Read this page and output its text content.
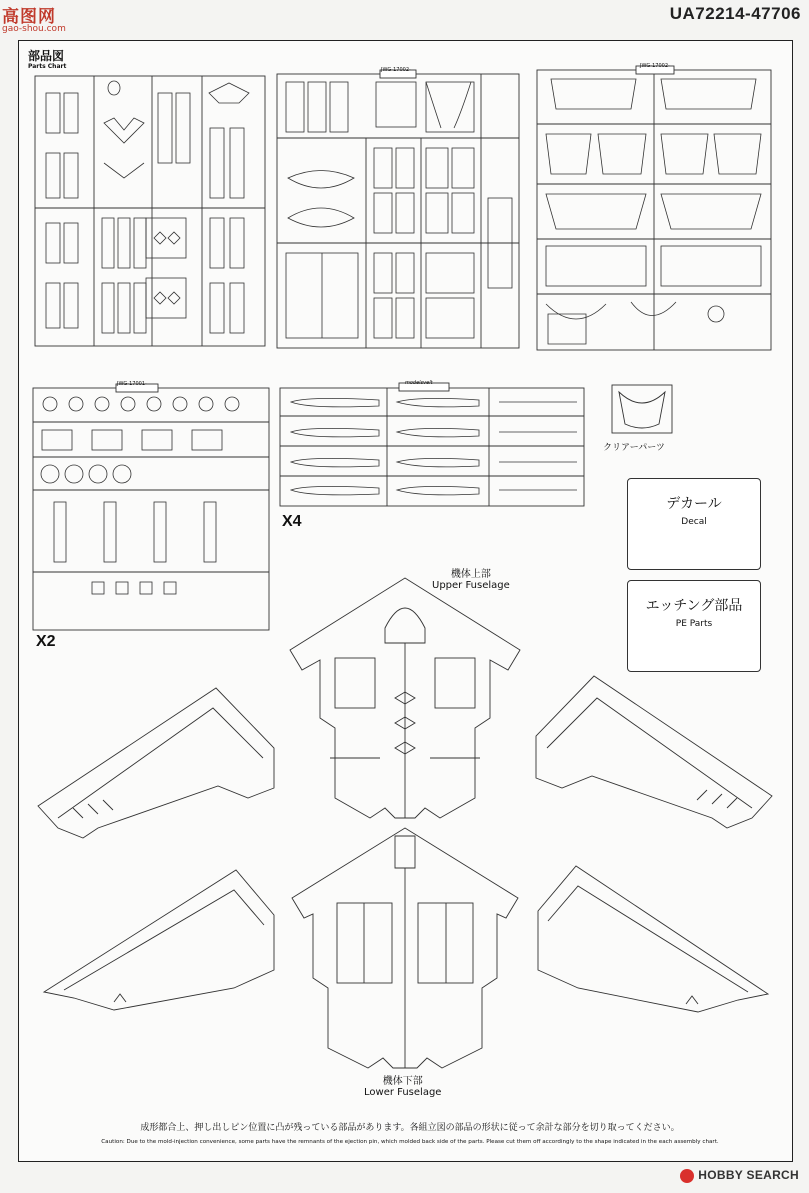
高图网
gao-shou.com
UA72214-47706
部品図
Parts Chart	JWG-17002-
JWG-17002-
JWG-17001-
X2
modelsvelt
X4
クリアーパーツ
デカール
Decal
エッチング部品
PE Parts
機体上部
Upper Fuselage
機体下部
Lower Fuselage
成形都合上、押し出しピン位置に凸が残っている部品があります。各組立図の部品の形状に従って余計な部分を切り取ってください。
Caution: Due to the mold-injection convenience, some parts have the remnants of the ejection pin, which molded back side of the parts. Please cut them off accordingly to the shape indicated in the each assembly chart.
HOBBY SEARCH
